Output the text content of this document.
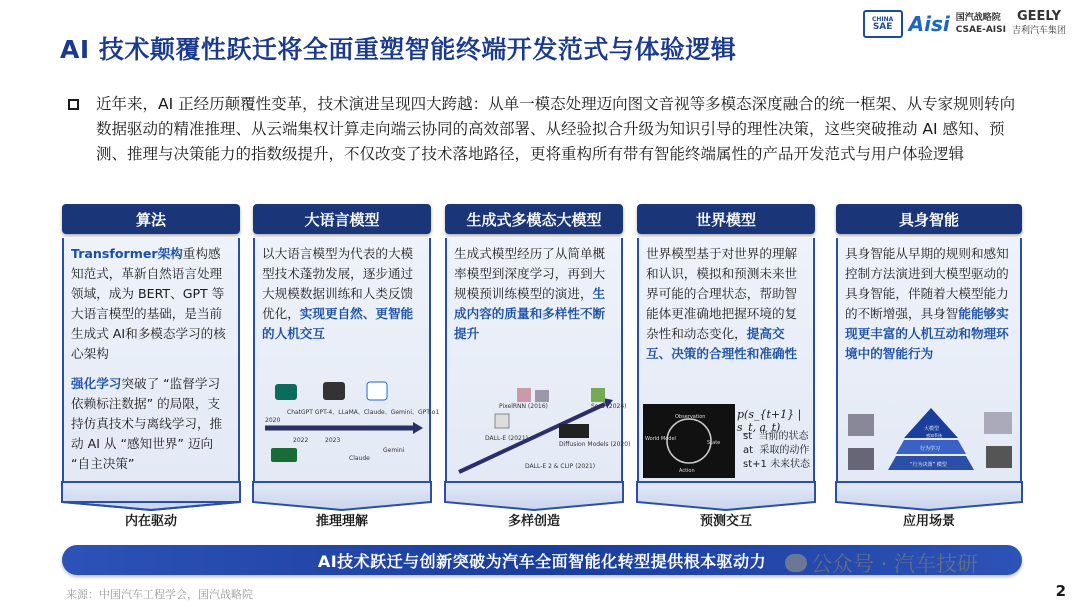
AI 技术颠覆性跃迁将全面重塑智能终端开发范式与体验逻辑
CHINA
SAE Aisi 国汽战略院
CSAE-AISI
GEELY
吉利汽车集团
近年来，AI 正经历颠覆性变革，技术演进呈现四大跨越：从单一模态处理迈向图文音视等多模态深度融合的统一框架、从专家规则转向数据驱动的精准推理、从云端集权计算走向端云协同的高效部署、从经验拟合升级为知识引导的理性决策，这些突破推动 AI 感知、预测、推理与决策能力的指数级提升，不仅改变了技术落地路径，更将重构所有带有智能终端属性的产品开发范式与用户体验逻辑
算法
Transformer架构重构感知范式，革新自然语言处理领域，成为 BERT、GPT 等大语言模型的基础，是当前生成式 AI和多模态学习的核心架构
强化学习突破了 “监督学习依赖标注数据” 的局限，支持仿真技术与离线学习，推动 AI 从 “感知世界” 迈向 “自主决策”
内在驱动
大语言模型
以大语言模型为代表的大模型技术蓬勃发展，逐步通过大规模数据训练和人类反馈优化，实现更自然、更智能的人机交互
ChatGPT GPT-4、LLaMA、Claude、Gemini、GPT-o1
2020
2022	2023
Claude
Gemini
推理理解
生成式多模态大模型
生成式模型经历了从简单概率模型到深度学习，再到大规模预训练模型的演进，生成内容的质量和多样性不断提升
PixelRNN (2016)
DALL-E (2021)
DALL-E 2 & CLIP (2021)
Diffusion Models (2020)
Sora (2024)
多样创造
世界模型
世界模型基于对世界的理解和认识，模拟和预测未来世界可能的合理状态，帮助智能体更准确地把握环境的复杂性和动态变化，提高交互、决策的合理性和准确性
Observation
World Model
State
Action
p(s_{t+1} | s_t, a_t)
st 当前的状态
at 采取的动作
st+1 未来状态
预测交互
具身智能
具身智能从早期的规则和感知控制方法演进到大模型驱动的具身智能，伴随着大模型能力的不断增强，具身智能能够实现更丰富的人机互动和物理环境中的智能行为
大模型
行为学习
“行为决策” 模型
感知系统
应用场景
AI技术跃迁与创新突破为汽车全面智能化转型提供根本驱动力	公众号 · 汽车技研
来源：中国汽车工程学会，国汽战略院	2
